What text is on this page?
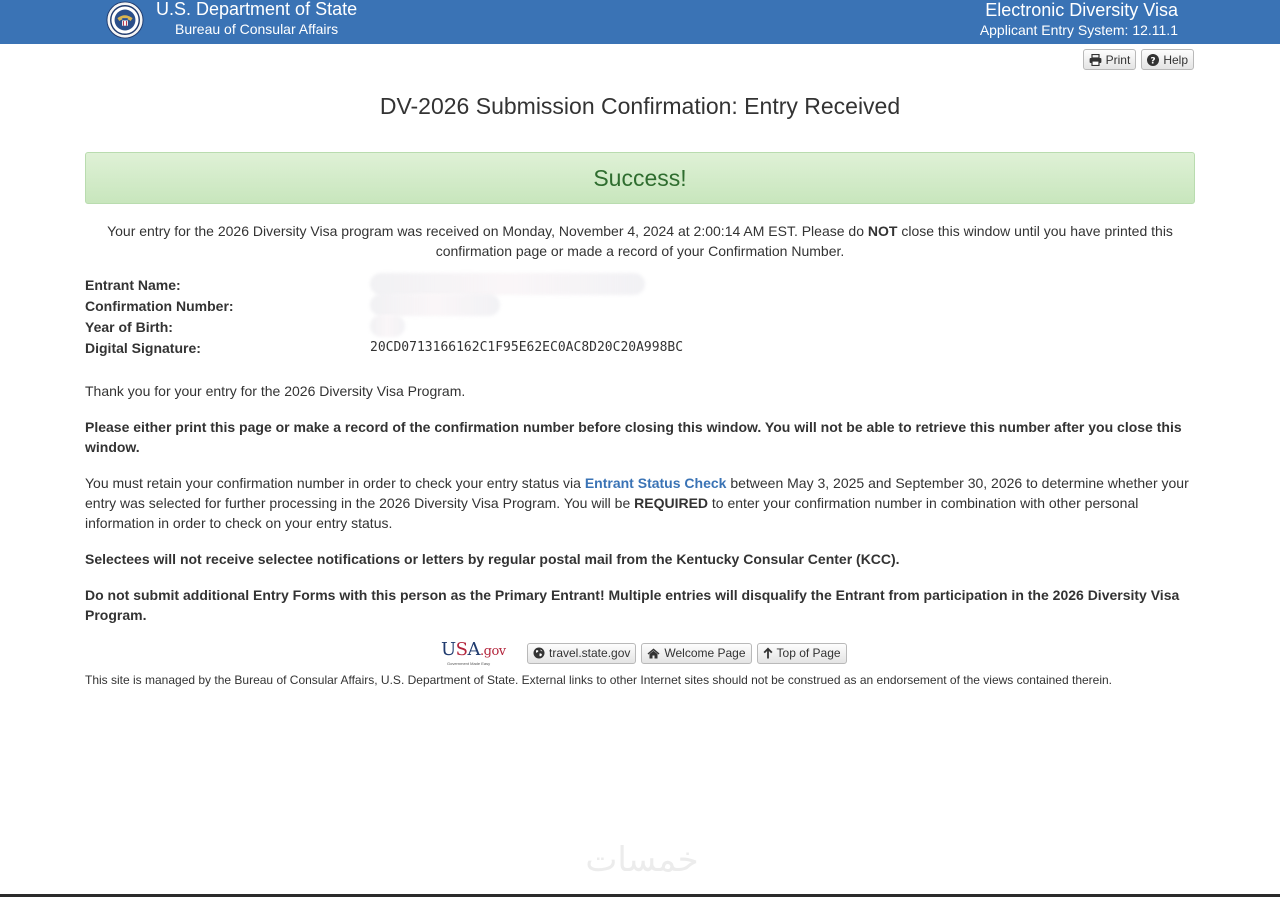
U.S. Department of State
Bureau of Consular Affairs
Electronic Diversity Visa
Applicant Entry System: 12.11.1
Print ? Help
DV-2026 Submission Confirmation: Entry Received
Success!
Your entry for the 2026 Diversity Visa program was received on Monday, November 4, 2024 at 2:00:14 AM EST. Please do NOT close this window until you have printed this confirmation page or made a record of your Confirmation Number.
Entrant Name:

Confirmation Number:

Year of Birth:

Digital Signature:	20CD0713166162C1F95E62EC0AC8D20C20A998BC

Thank you for your entry for the 2026 Diversity Visa Program.

Please either print this page or make a record of the confirmation number before closing this window. You will not be able to retrieve this number after you close this window.

You must retain your confirmation number in order to check your entry status via Entrant Status Check between May 3, 2025 and September 30, 2026 to determine whether your entry was selected for further processing in the 2026 Diversity Visa Program. You will be REQUIRED to enter your confirmation number in combination with other personal information in order to check on your entry status.

Selectees will not receive selectee notifications or letters by regular postal mail from the Kentucky Consular Center (KCC).

Do not submit additional Entry Forms with this person as the Primary Entrant! Multiple entries will disqualify the Entrant from participation in the 2026 Diversity Visa Program.

USA.gov
Government Made Easy
travel.state.gov	Welcome Page	Top of Page
This site is managed by the Bureau of Consular Affairs, U.S. Department of State. External links to other Internet sites should not be construed as an endorsement of the views contained therein.
خمسات
